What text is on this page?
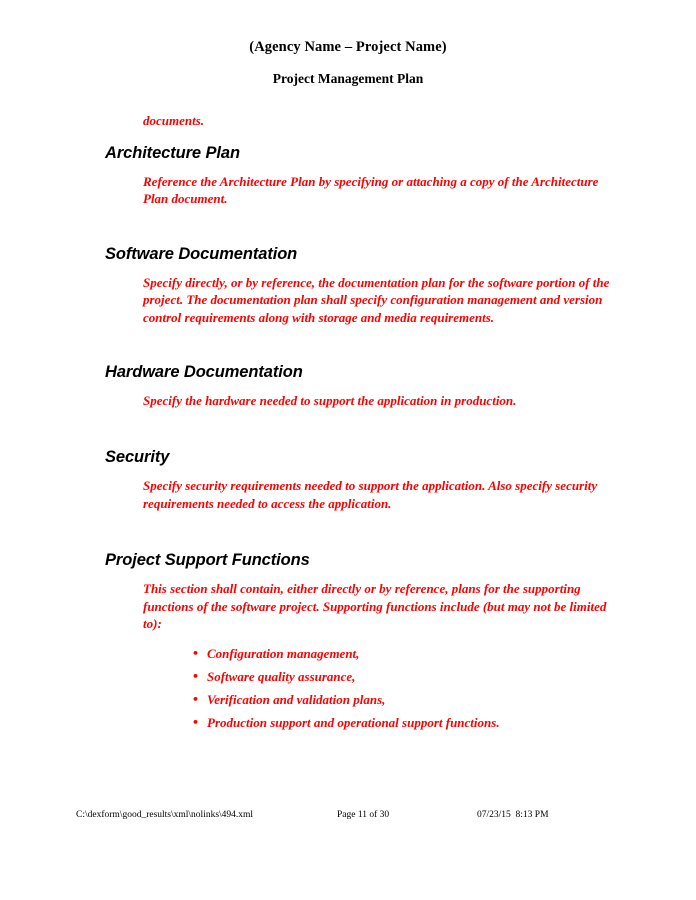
(Agency Name – Project Name)
Project Management Plan

documents.

Architecture Plan

Reference the Architecture Plan by specifying or attaching a copy of the Architecture Plan document.

Software Documentation

Specify directly, or by reference, the documentation plan for the software portion of the project. The documentation plan shall specify configuration management and version control requirements along with storage and media requirements.

Hardware Documentation

Specify the hardware needed to support the application in production.

Security

Specify security requirements needed to support the application. Also specify security requirements needed to access the application.

Project Support Functions

This section shall contain, either directly or by reference, plans for the supporting functions of the software project. Supporting functions include (but may not be limited to):

• Configuration management,
• Software quality assurance,
• Verification and validation plans,
• Production support and operational support functions.
C:\dexform\good_results\xml\nolinks\494.xml	Page 11 of 30	07/23/15  8:13 PM
